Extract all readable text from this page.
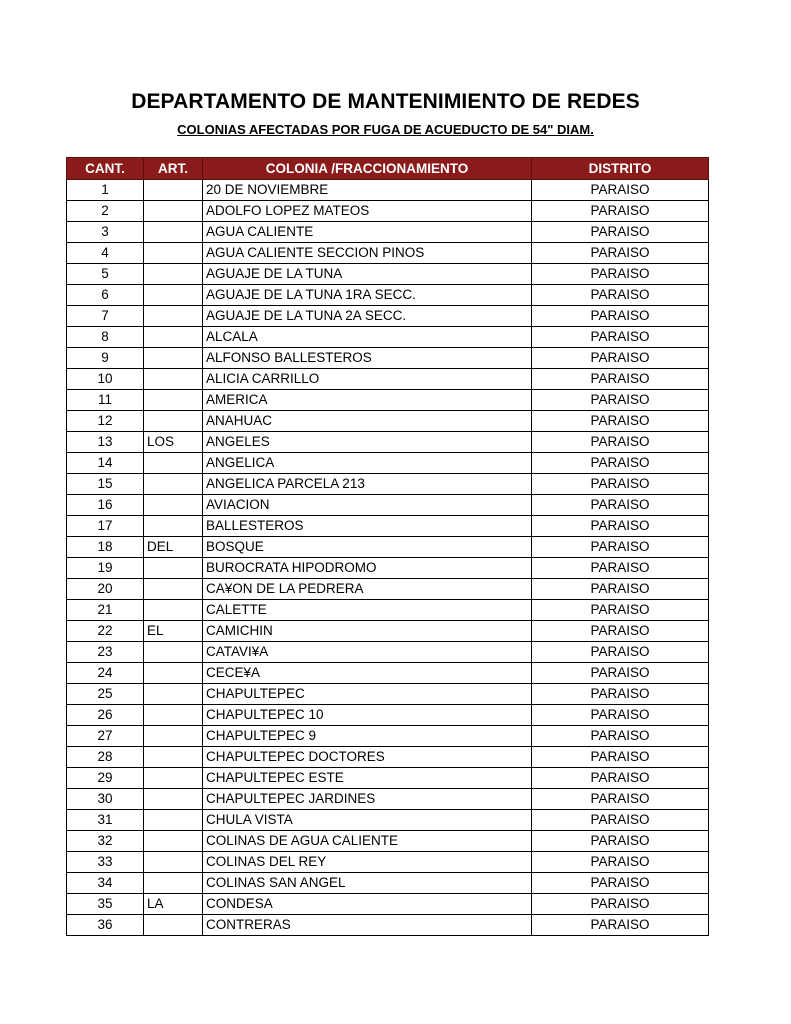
DEPARTAMENTO DE MANTENIMIENTO DE REDES
COLONIAS AFECTADAS POR FUGA DE ACUEDUCTO DE 54" DIAM.
CANT.	ART.	COLONIA /FRACCIONAMIENTO	DISTRITO
1		20 DE NOVIEMBRE	PARAISO
2		ADOLFO LOPEZ MATEOS	PARAISO
3		AGUA CALIENTE	PARAISO
4		AGUA CALIENTE SECCION PINOS	PARAISO
5		AGUAJE DE LA TUNA	PARAISO
6		AGUAJE DE LA TUNA 1RA SECC.	PARAISO
7		AGUAJE DE LA TUNA 2A SECC.	PARAISO
8		ALCALA	PARAISO
9		ALFONSO BALLESTEROS	PARAISO
10		ALICIA CARRILLO	PARAISO
11		AMERICA	PARAISO
12		ANAHUAC	PARAISO
13	LOS	ANGELES	PARAISO
14		ANGELICA	PARAISO
15		ANGELICA PARCELA 213	PARAISO
16		AVIACION	PARAISO
17		BALLESTEROS	PARAISO
18	DEL	BOSQUE	PARAISO
19		BUROCRATA HIPODROMO	PARAISO
20		CA¥ON DE LA PEDRERA	PARAISO
21		CALETTE	PARAISO
22	EL	CAMICHIN	PARAISO
23		CATAVI¥A	PARAISO
24		CECE¥A	PARAISO
25		CHAPULTEPEC	PARAISO
26		CHAPULTEPEC 10	PARAISO
27		CHAPULTEPEC 9	PARAISO
28		CHAPULTEPEC DOCTORES	PARAISO
29		CHAPULTEPEC ESTE	PARAISO
30		CHAPULTEPEC JARDINES	PARAISO
31		CHULA VISTA	PARAISO
32		COLINAS DE AGUA CALIENTE	PARAISO
33		COLINAS DEL REY	PARAISO
34		COLINAS SAN ANGEL	PARAISO
35	LA	CONDESA	PARAISO
36		CONTRERAS	PARAISO
